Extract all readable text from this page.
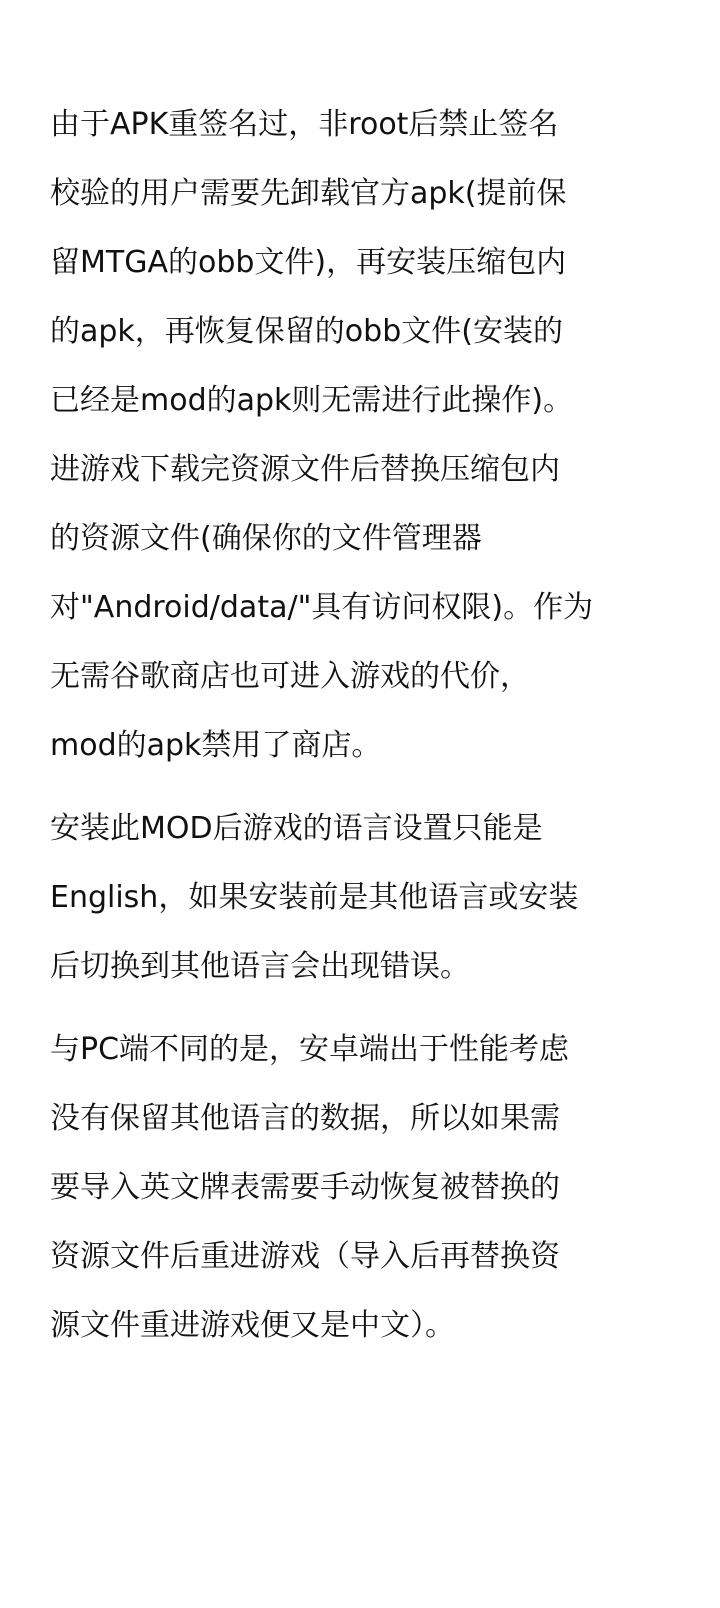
由于APK重签名过，非root后禁止签名
校验的用户需要先卸载官方apk(提前保
留MTGA的obb文件)，再安装压缩包内
的apk，再恢复保留的obb文件(安装的
已经是mod的apk则无需进行此操作)。
进游戏下载完资源文件后替换压缩包内
的资源文件(确保你的文件管理器
对"Android/data/"具有访问权限)。作为
无需谷歌商店也可进入游戏的代价，
mod的apk禁用了商店。

安装此MOD后游戏的语言设置只能是
English，如果安装前是其他语言或安装
后切换到其他语言会出现错误。

与PC端不同的是，安卓端出于性能考虑
没有保留其他语言的数据，所以如果需
要导入英文牌表需要手动恢复被替换的
资源文件后重进游戏（导入后再替换资
源文件重进游戏便又是中文）。
